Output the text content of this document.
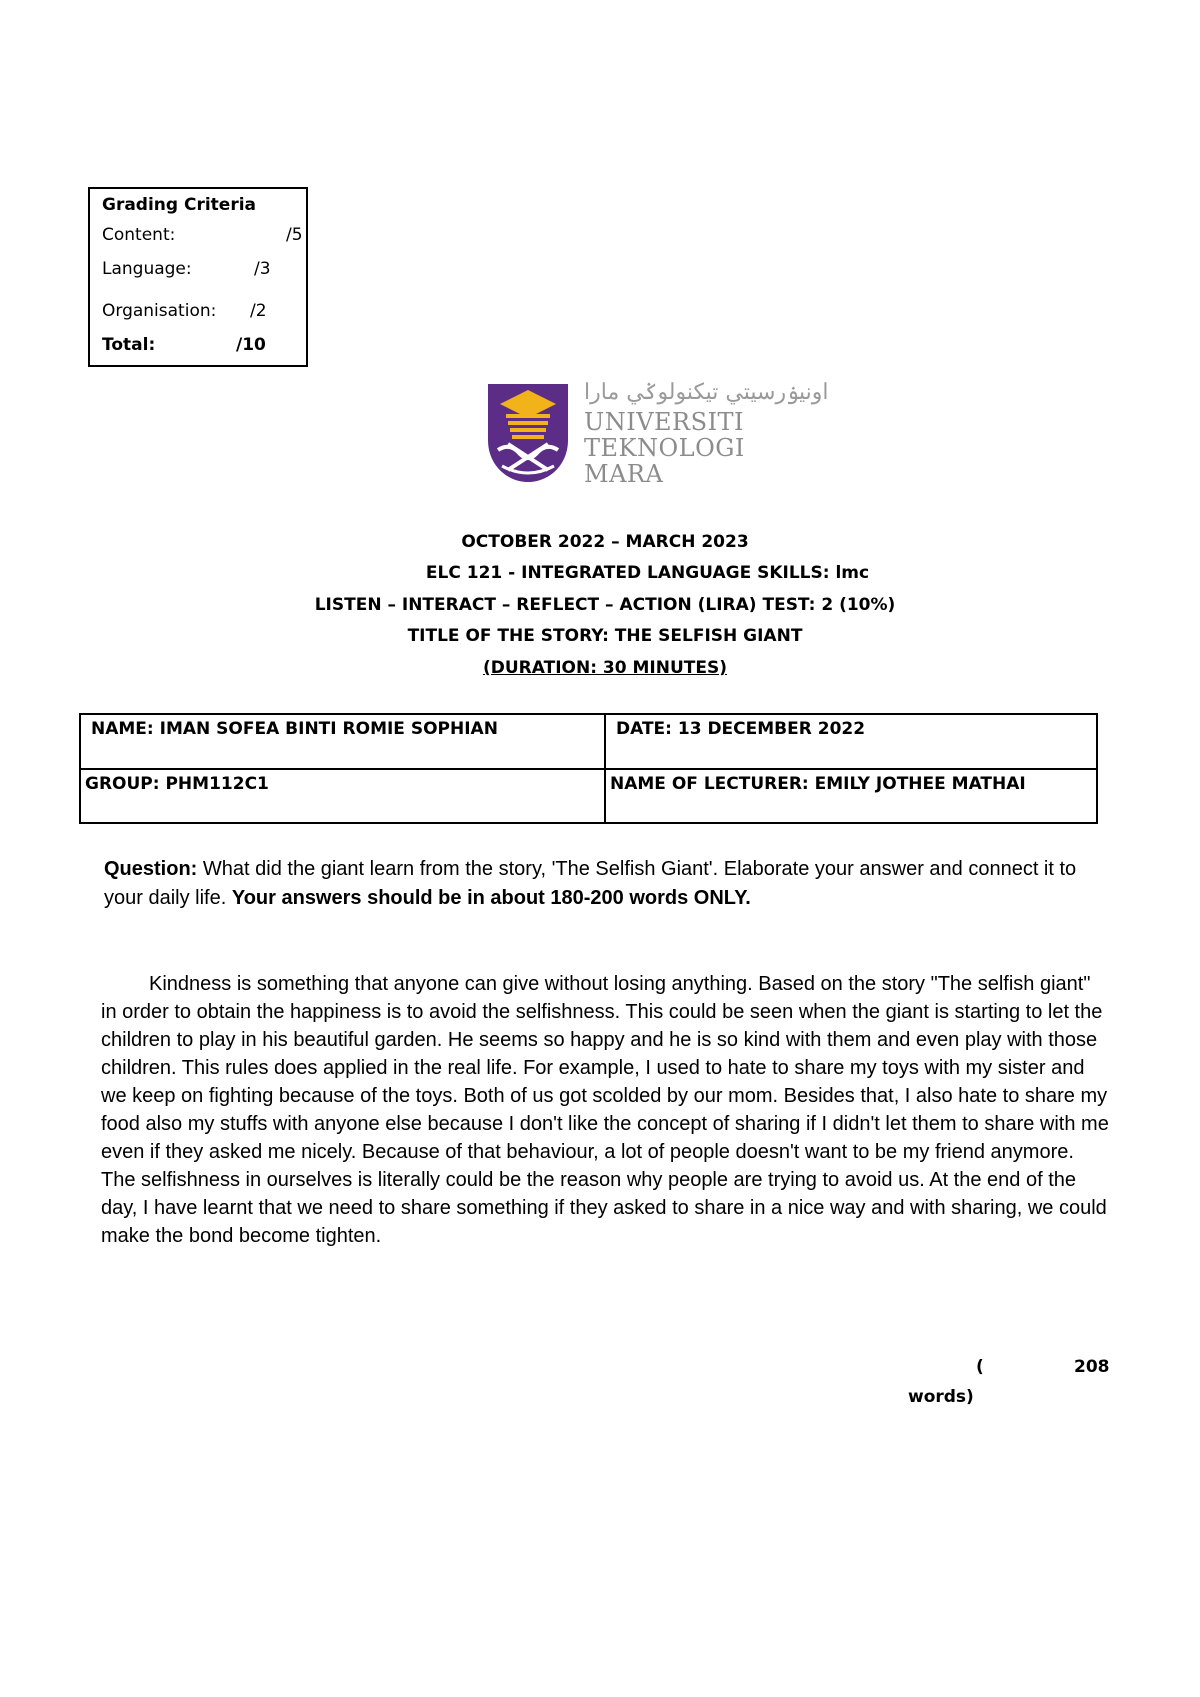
Grading Criteria
Content:	/5
Language:	/3
Organisation: /2
Total:	/10
اونيۏرسيتي تيكنولوݢي مارا
UNIVERSITI
TEKNOLOGI
MARA
OCTOBER 2022 – MARCH 2023
ELC 121 - INTEGRATED LANGUAGE SKILLS: lmc
LISTEN – INTERACT – REFLECT – ACTION (LIRA) TEST: 2 (10%)
TITLE OF THE STORY: THE SELFISH GIANT
(DURATION: 30 MINUTES)
NAME: IMAN SOFEA BINTI ROMIE SOPHIAN	DATE: 13 DECEMBER 2022
GROUP: PHM112C1	NAME OF LECTURER: EMILY JOTHEE MATHAI
Question: What did the giant learn from the story, 'The Selfish Giant'. Elaborate your answer and connect it to your daily life. Your answers should be in about 180-200 words ONLY.
Kindness is something that anyone can give without losing anything. Based on the story "The selfish giant" in order to obtain the happiness is to avoid the selfishness. This could be seen when the giant is starting to let the children to play in his beautiful garden. He seems so happy and he is so kind with them and even play with those children. This rules does applied in the real life. For example, I used to hate to share my toys with my sister and we keep on fighting because of the toys. Both of us got scolded by our mom. Besides that, I also hate to share my food also my stuffs with anyone else because I don't like the concept of sharing if I didn't let them to share with me even if they asked me nicely. Because of that behaviour, a lot of people doesn't want to be my friend anymore. The selfishness in ourselves is literally could be the reason why people are trying to avoid us. At the end of the day, I have learnt that we need to share something if they asked to share in a nice way and with sharing, we could make the bond become tighten.
(	208
words)
